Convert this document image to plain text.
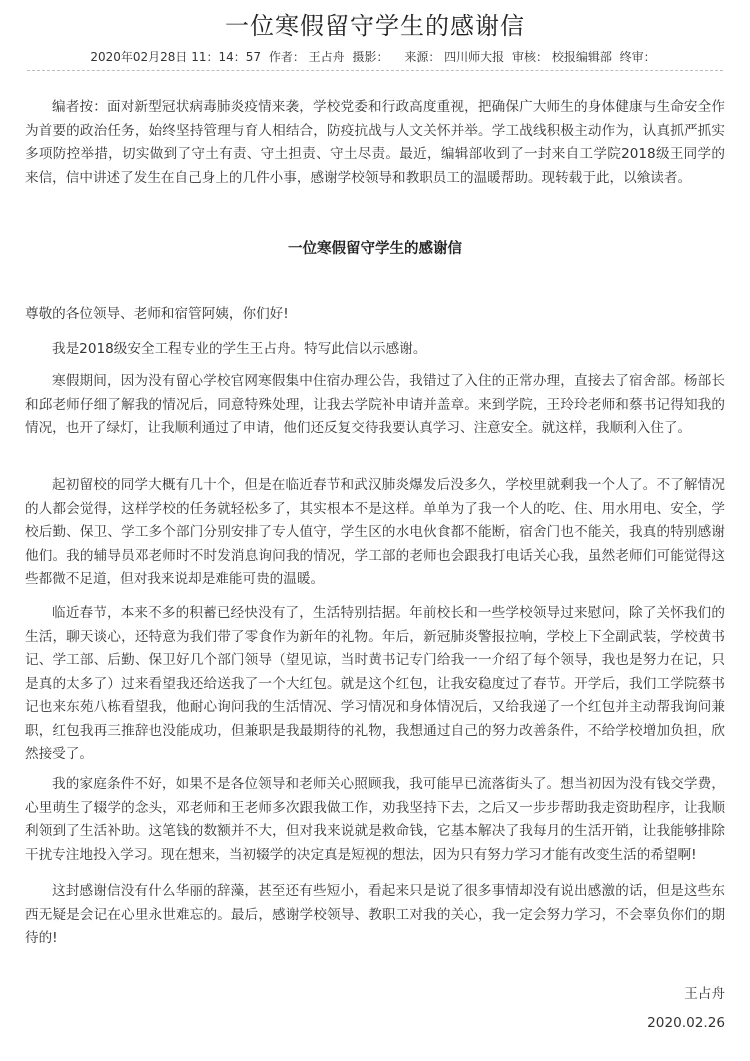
一位寒假留守学生的感谢信
2020年02月28日 11：14：57 作者： 王占舟 摄影： 来源： 四川师大报 审核： 校报编辑部 终审：

编者按：面对新型冠状病毒肺炎疫情来袭，学校党委和行政高度重视，把确保广大师生的身体健康与生命安全作为首要的政治任务，始终坚持管理与育人相结合，防疫抗战与人文关怀并举。学工战线积极主动作为，认真抓严抓实多项防控举措，切实做到了守土有责、守土担责、守土尽责。最近，编辑部收到了一封来自工学院2018级王同学的来信，信中讲述了发生在自己身上的几件小事，感谢学校领导和教职员工的温暖帮助。现转载于此，以飨读者。

一位寒假留守学生的感谢信

尊敬的各位领导、老师和宿管阿姨，你们好!

我是2018级安全工程专业的学生王占舟。特写此信以示感谢。

寒假期间，因为没有留心学校官网寒假集中住宿办理公告，我错过了入住的正常办理，直接去了宿舍部。杨部长和邱老师仔细了解我的情况后，同意特殊处理，让我去学院补申请并盖章。来到学院，王玲玲老师和蔡书记得知我的情况，也开了绿灯，让我顺利通过了申请，他们还反复交待我要认真学习、注意安全。就这样，我顺利入住了。

起初留校的同学大概有几十个，但是在临近春节和武汉肺炎爆发后没多久，学校里就剩我一个人了。不了解情况的人都会觉得，这样学校的任务就轻松多了，其实根本不是这样。单单为了我一个人的吃、住、用水用电、安全，学校后勤、保卫、学工多个部门分别安排了专人值守，学生区的水电伙食都不能断，宿舍门也不能关，我真的特别感谢他们。我的辅导员邓老师时不时发消息询问我的情况，学工部的老师也会跟我打电话关心我，虽然老师们可能觉得这些都微不足道，但对我来说却是难能可贵的温暖。

临近春节，本来不多的积蓄已经快没有了，生活特别拮据。年前校长和一些学校领导过来慰问，除了关怀我们的生活，聊天谈心，还特意为我们带了零食作为新年的礼物。年后，新冠肺炎警报拉响，学校上下全副武装，学校黄书记、学工部、后勤、保卫好几个部门领导（望见谅，当时黄书记专门给我一一介绍了每个领导，我也是努力在记，只是真的太多了）过来看望我还给送我了一个大红包。就是这个红包，让我安稳度过了春节。开学后，我们工学院蔡书记也来东苑八栋看望我，他耐心询问我的生活情况、学习情况和身体情况后，又给我递了一个红包并主动帮我询问兼职，红包我再三推辞也没能成功，但兼职是我最期待的礼物，我想通过自己的努力改善条件，不给学校增加负担，欣然接受了。

我的家庭条件不好，如果不是各位领导和老师关心照顾我，我可能早已流落街头了。想当初因为没有钱交学费，心里萌生了辍学的念头，邓老师和王老师多次跟我做工作，劝我坚持下去，之后又一步步帮助我走资助程序，让我顺利领到了生活补助。这笔钱的数额并不大，但对我来说就是救命钱，它基本解决了我每月的生活开销，让我能够排除干扰专注地投入学习。现在想来，当初辍学的决定真是短视的想法，因为只有努力学习才能有改变生活的希望啊!

这封感谢信没有什么华丽的辞藻，甚至还有些短小，看起来只是说了很多事情却没有说出感激的话，但是这些东西无疑是会记在心里永世难忘的。最后，感谢学校领导、教职工对我的关心，我一定会努力学习，不会辜负你们的期待的!

王占舟
2020.02.26
